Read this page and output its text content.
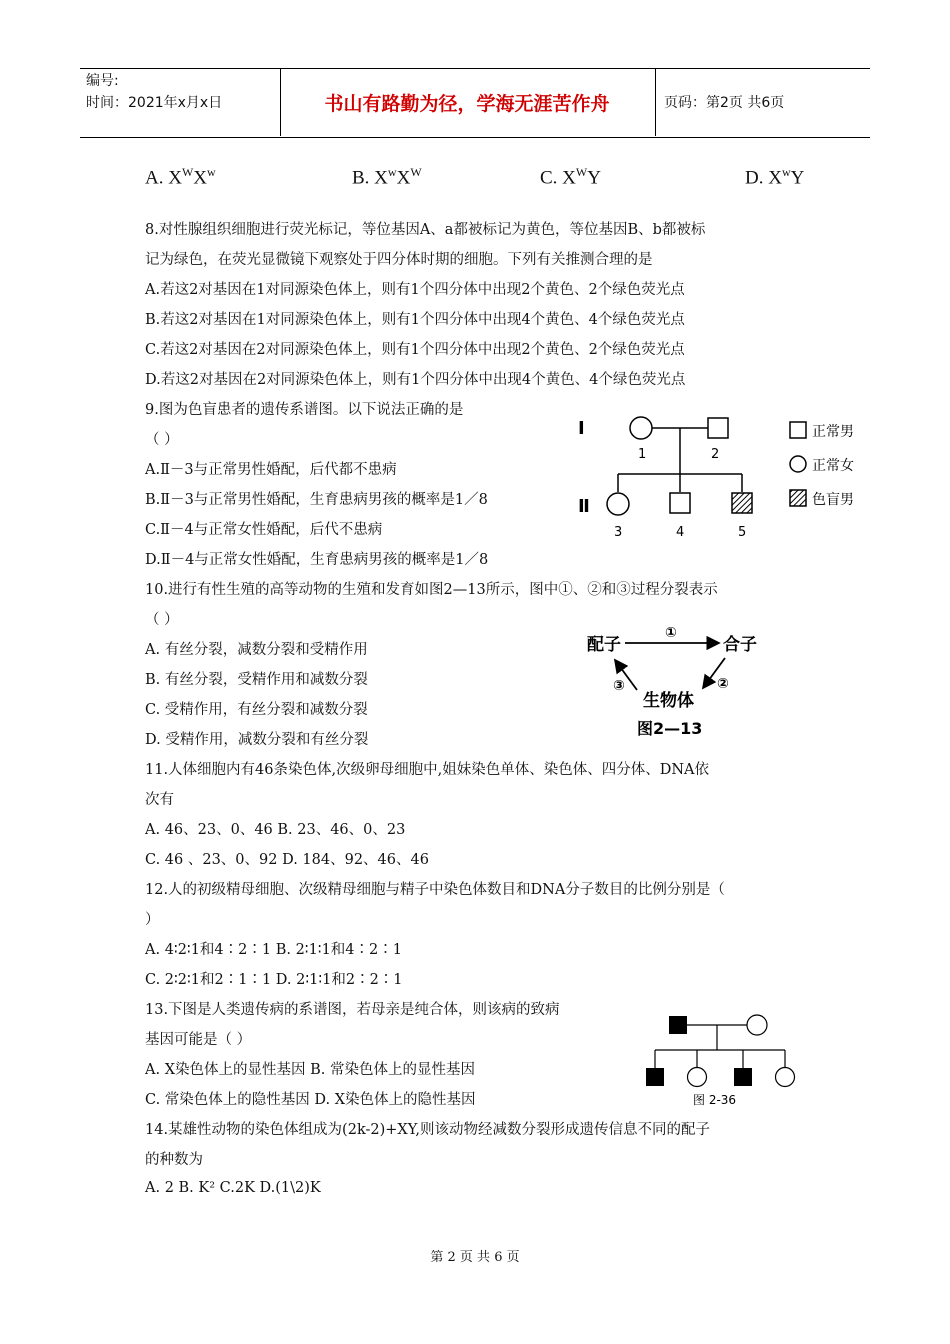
编号:
时间：2021年x月x日	书山有路勤为径，学海无涯苦作舟	页码：第2页 共6页
A. $X^WX^w$	B. $X^wX^W$	C. $X^WY$	D. $X^wY$
8.对性腺组织细胞进行荧光标记，等位基因A、a都被标记为黄色，等位基因B、b都被标
记为绿色，在荧光显微镜下观察处于四分体时期的细胞。下列有关推测合理的是
A.若这2对基因在1对同源染色体上，则有1个四分体中出现2个黄色、2个绿色荧光点
B.若这2对基因在1对同源染色体上，则有1个四分体中出现4个黄色、4个绿色荧光点
C.若这2对基因在2对同源染色体上，则有1个四分体中出现2个黄色、2个绿色荧光点
D.若这2对基因在2对同源染色体上，则有1个四分体中出现4个黄色、4个绿色荧光点
9.图为色盲患者的遗传系谱图。以下说法正确的是
（ ）
A.Ⅱ－3与正常男性婚配，后代都不患病
B.Ⅱ－3与正常男性婚配，生育患病男孩的概率是1／8
C.Ⅱ－4与正常女性婚配，后代不患病
D.Ⅱ－4与正常女性婚配，生育患病男孩的概率是1／8
10.进行有性生殖的高等动物的生殖和发育如图2—13所示，图中①、②和③过程分裂表示
（ ）
A. 有丝分裂，减数分裂和受精作用
B. 有丝分裂，受精作用和减数分裂
C. 受精作用，有丝分裂和减数分裂
D. 受精作用，减数分裂和有丝分裂
11.人体细胞内有46条染色体,次级卵母细胞中,姐妹染色单体、染色体、四分体、DNA依
次有
A. 46、23、0、46 B. 23、46、0、23
C. 46 、23、0、92 D. 184、92、46、46
12.人的初级精母细胞、次级精母细胞与精子中染色体数目和DNA分子数目的比例分别是（
）
A. 4∶2∶1和4∶2∶1 B. 2∶1∶1和4∶2∶1
C. 2∶2∶1和2∶1∶1 D. 2∶1∶1和2∶2∶1
13.下图是人类遗传病的系谱图，若母亲是纯合体，则该病的致病
基因可能是（ ）
A. X染色体上的显性基因 B. 常染色体上的显性基因
C. 常染色体上的隐性基因 D. X染色体上的隐性基因
14.某雄性动物的染色体组成为(2k-2)+XY,则该动物经减数分裂形成遗传信息不同的配子
的种数为
A. 2 B. K² C.2K D.(1\2)K
Ⅰ
Ⅱ
1	2
3	4	5
正常男
正常女
色盲男
配子	合子
①
②
③
生物体
图2—13
图 2-36
第 2 页 共 6 页
